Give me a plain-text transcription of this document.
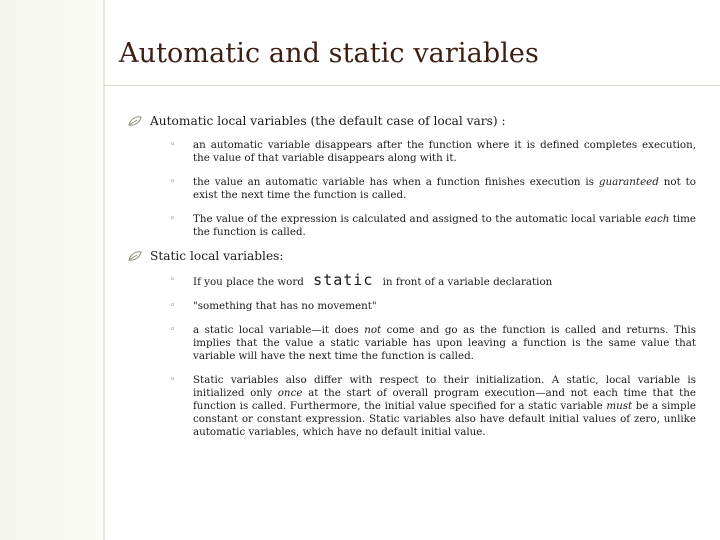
Automatic and static variables
Automatic local variables (the default case of local vars) :
◦ an automatic variable disappears after the function where it is defined completes execution, the value of that variable disappears along with it.
◦ the value an automatic variable has when a function finishes execution is guaranteed not to exist the next time the function is called.
◦ The value of the expression is calculated and assigned to the automatic local variable each time the function is called.
Static local variables:
◦ If you place the word static in front of a variable declaration
◦ "something that has no movement"
◦ a static local variable—it does not come and go as the function is called and returns. This implies that the value a static variable has upon leaving a function is the same value that variable will have the next time the function is called.
◦ Static variables also differ with respect to their initialization. A static, local variable is initialized only once at the start of overall program execution—and not each time that the function is called. Furthermore, the initial value specified for a static variable must be a simple constant or constant expression. Static variables also have default initial values of zero, unlike automatic variables, which have no default initial value.
